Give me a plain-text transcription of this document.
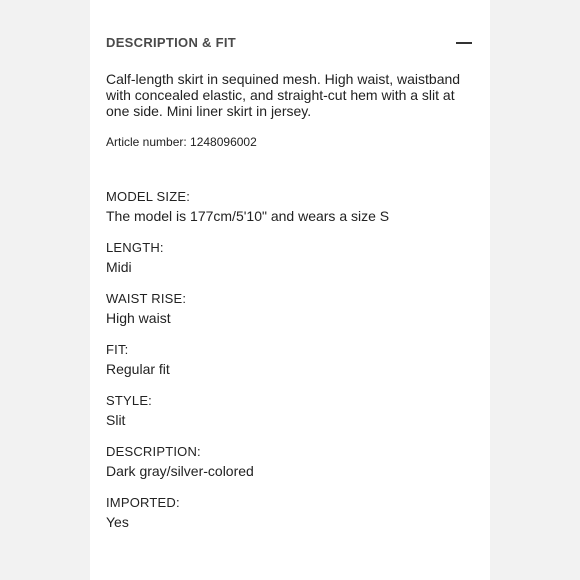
DESCRIPTION & FIT
Calf-length skirt in sequined mesh. High waist, waistband with concealed elastic, and straight-cut hem with a slit at one side. Mini liner skirt in jersey.
Article number: 1248096002
MODEL SIZE:
The model is 177cm/5'10" and wears a size S
LENGTH:
Midi
WAIST RISE:
High waist
FIT:
Regular fit
STYLE:
Slit
DESCRIPTION:
Dark gray/silver-colored
IMPORTED:
Yes
